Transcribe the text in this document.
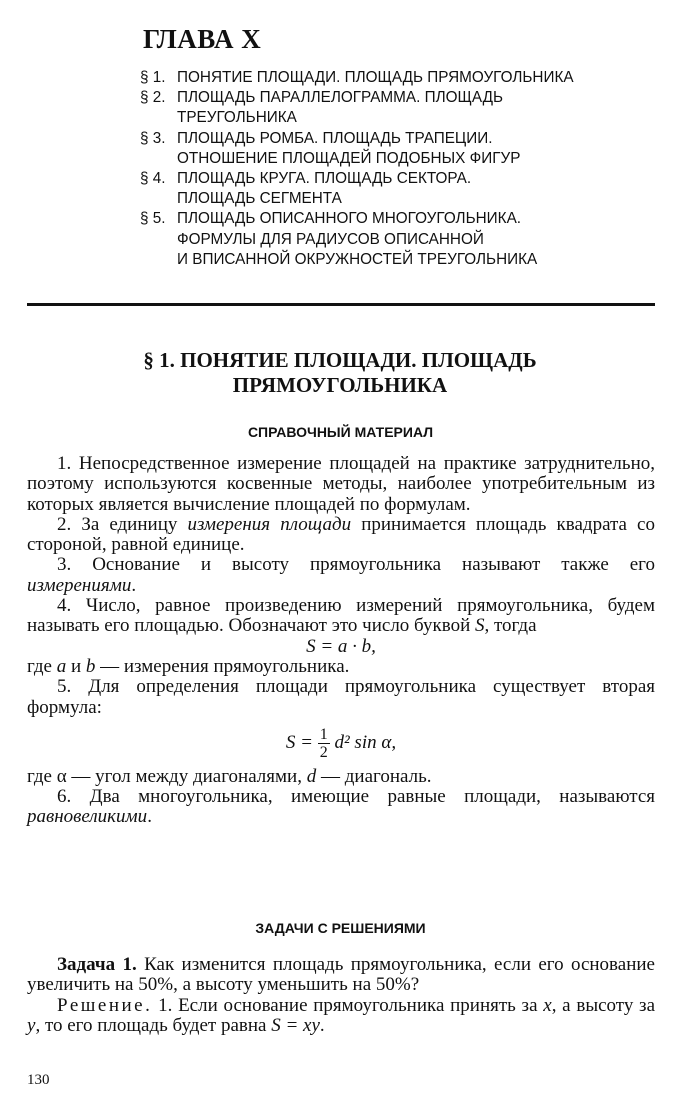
ГЛАВА X
§ 1. ПОНЯТИЕ ПЛОЩАДИ. ПЛОЩАДЬ ПРЯМОУГОЛЬНИКА
§ 2. ПЛОЩАДЬ ПАРАЛЛЕЛОГРАММА. ПЛОЩАДЬ
ТРЕУГОЛЬНИКА
§ 3. ПЛОЩАДЬ РОМБА. ПЛОЩАДЬ ТРАПЕЦИИ.
ОТНОШЕНИЕ ПЛОЩАДЕЙ ПОДОБНЫХ ФИГУР
§ 4. ПЛОЩАДЬ КРУГА. ПЛОЩАДЬ СЕКТОРА.
ПЛОЩАДЬ СЕГМЕНТА
§ 5. ПЛОЩАДЬ ОПИСАННОГО МНОГОУГОЛЬНИКА.
ФОРМУЛЫ ДЛЯ РАДИУСОВ ОПИСАННОЙ
И ВПИСАННОЙ ОКРУЖНОСТЕЙ ТРЕУГОЛЬНИКА
§ 1. ПОНЯТИЕ ПЛОЩАДИ. ПЛОЩАДЬ
ПРЯМОУГОЛЬНИКА
СПРАВОЧНЫЙ МАТЕРИАЛ

1. Непосредственное измерение площадей на практике затруднительно, поэтому используются косвенные методы, наиболее употребительным из которых является вычисление площадей по формулам.

2. За единицу измерения площади принимается площадь квадрата со стороной, равной единице.

3. Основание и высоту прямоугольника называют также его измерениями.

4. Число, равное произведению измерений прямоугольника, будем называть его площадью. Обозначают это число буквой S, тогда

S = a · b,

где a и b — измерения прямоугольника.

5. Для определения площади прямоугольника существует вторая формула:

$S = \frac{1}{2} d^2$ sin α,

где α — угол между диагоналями, d — диагональ.

6. Два многоугольника, имеющие равные площади, называются равновеликими.

ЗАДАЧИ С РЕШЕНИЯМИ

Задача 1. Как изменится площадь прямоугольника, если его основание увеличить на 50%, а высоту уменьшить на 50%?

Решение. 1. Если основание прямоугольника принять за x, а высоту за y, то его площадь будет равна S = xy.

130
